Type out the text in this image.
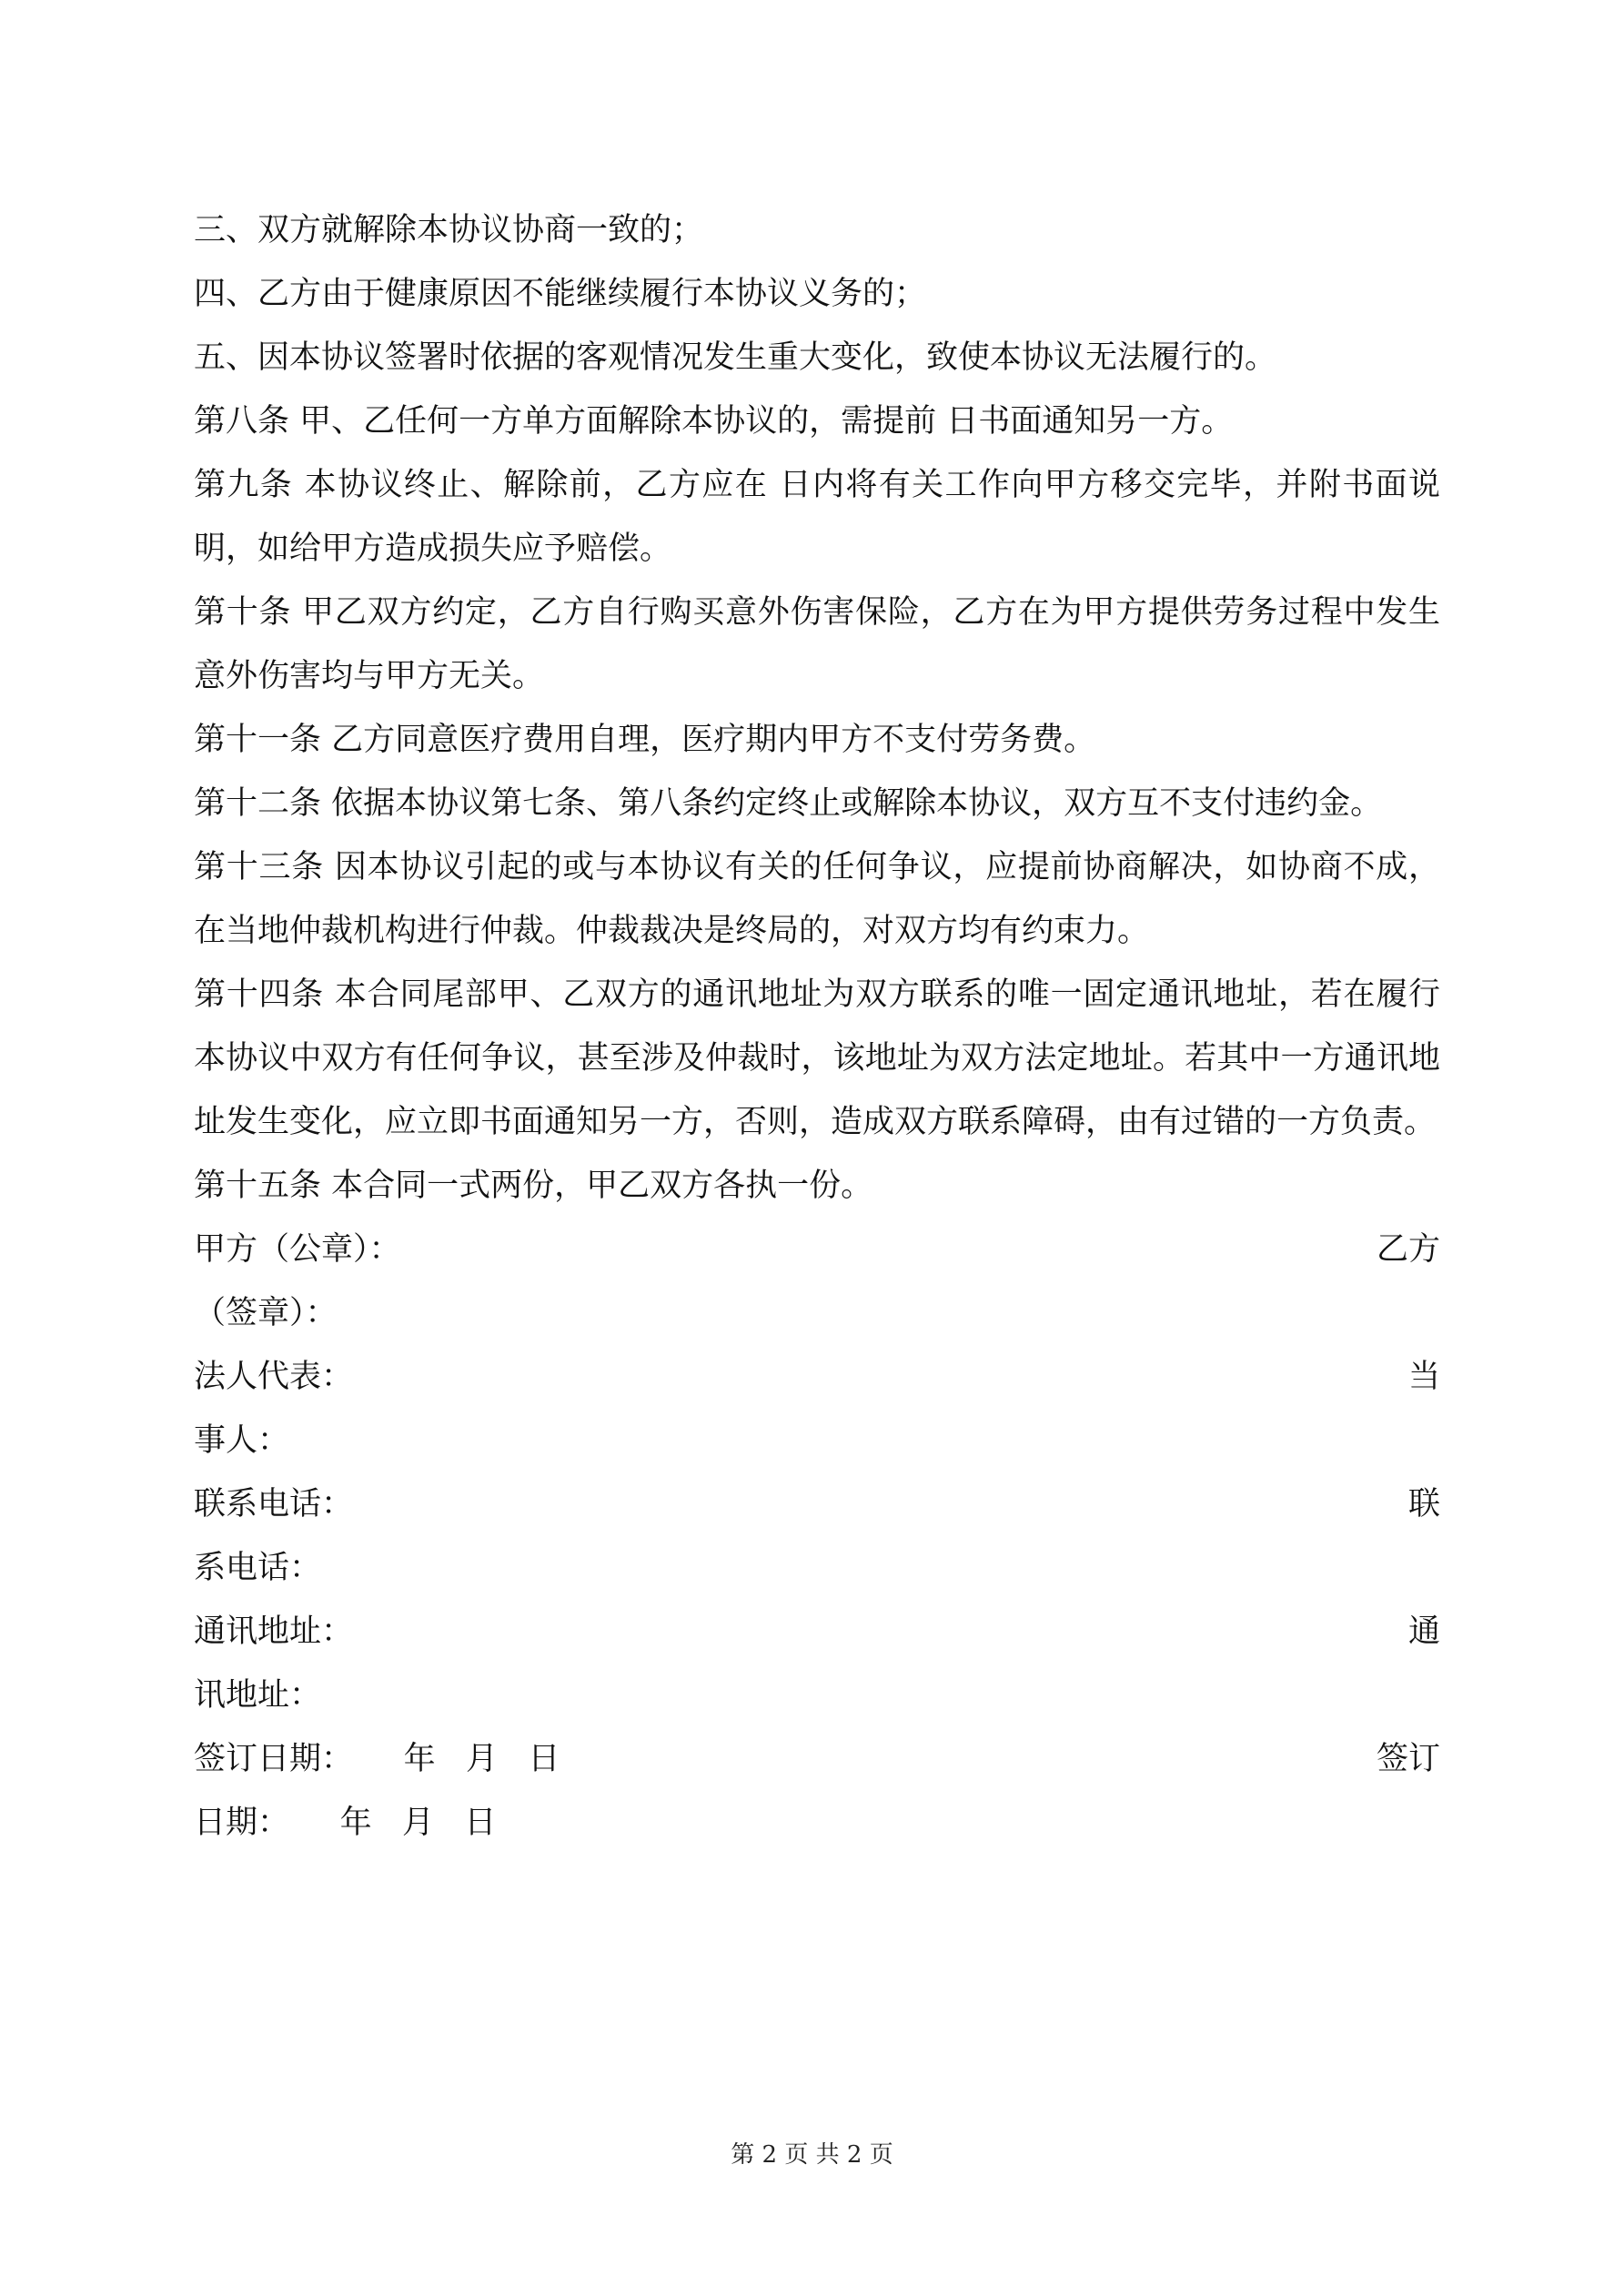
三、双方就解除本协议协商一致的；

四、乙方由于健康原因不能继续履行本协议义务的；

五、因本协议签署时依据的客观情况发生重大变化，致使本协议无法履行的。

第八条 甲、乙任何一方单方面解除本协议的，需提前 日书面通知另一方。

第九条 本协议终止、解除前，乙方应在 日内将有关工作向甲方移交完毕，并附书面说明，如给甲方造成损失应予赔偿。

第十条 甲乙双方约定，乙方自行购买意外伤害保险，乙方在为甲方提供劳务过程中发生意外伤害均与甲方无关。

第十一条 乙方同意医疗费用自理，医疗期内甲方不支付劳务费。

第十二条 依据本协议第七条、第八条约定终止或解除本协议，双方互不支付违约金。

第十三条 因本协议引起的或与本协议有关的任何争议，应提前协商解决，如协商不成，在当地仲裁机构进行仲裁。仲裁裁决是终局的，对双方均有约束力。

第十四条 本合同尾部甲、乙双方的通讯地址为双方联系的唯一固定通讯地址，若在履行本协议中双方有任何争议，甚至涉及仲裁时，该地址为双方法定地址。若其中一方通讯地址发生变化，应立即书面通知另一方，否则，造成双方联系障碍，由有过错的一方负责。

第十五条 本合同一式两份，甲乙双方各执一份。

甲方（公章）：	乙方
（签章）：
法人代表：	当
事人：
联系电话：	联
系电话：
通讯地址：	通
讯地址：
签订日期：     年   月   日	签订
日期：     年   月   日
第 2 页 共 2 页
